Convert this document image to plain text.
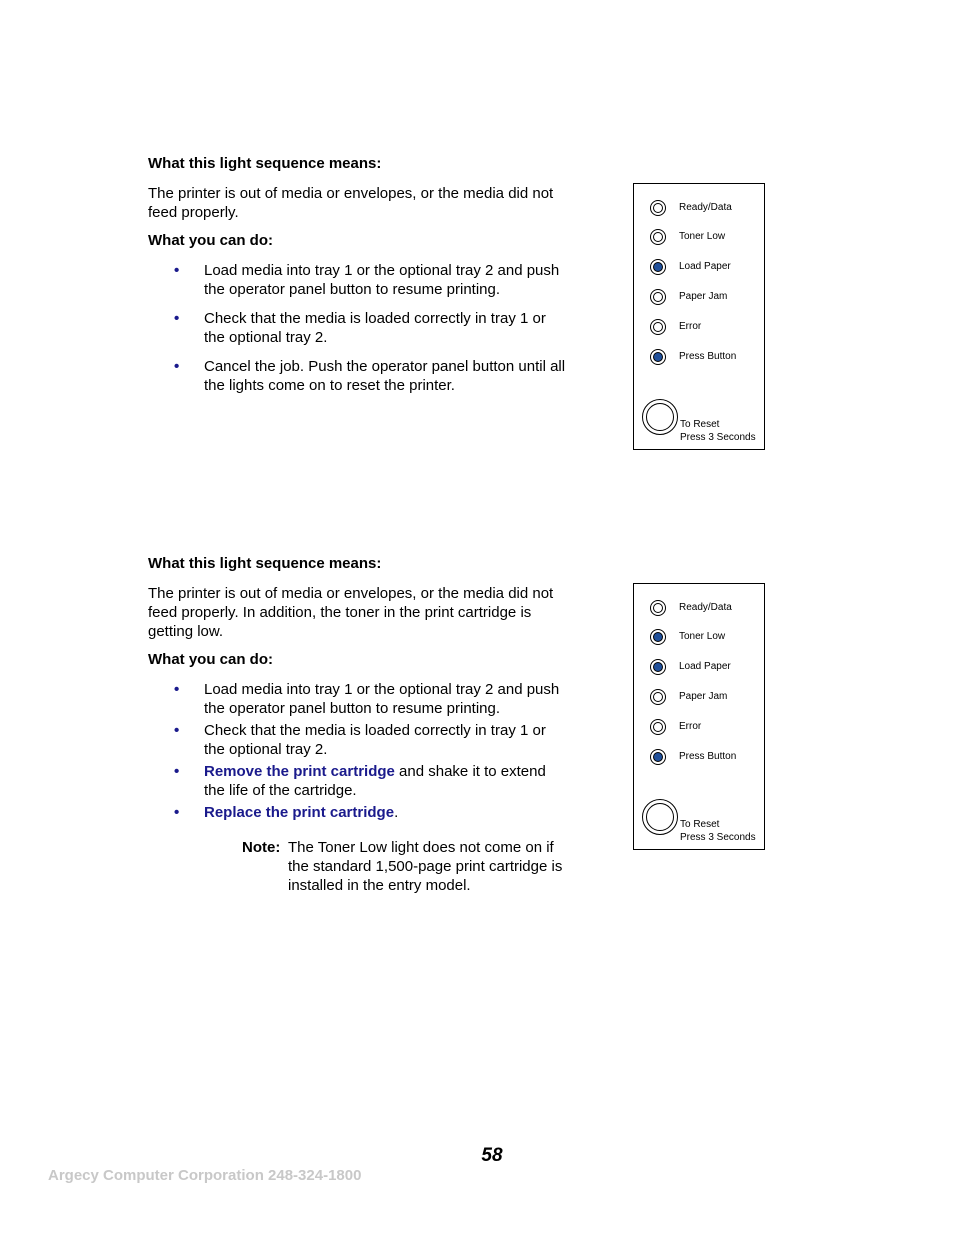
What this light sequence means:

The printer is out of media or envelopes, or the media did not feed properly.

What you can do:

• Load media into tray 1 or the optional tray 2 and push the operator panel button to resume printing.
• Check that the media is loaded correctly in tray 1 or the optional tray 2.
• Cancel the job. Push the operator panel button until all the lights come on to reset the printer.
Ready/Data
Toner Low
Load Paper
Paper Jam
Error
Press Button
To Reset
Press 3 Seconds

What this light sequence means:

The printer is out of media or envelopes, or the media did not feed properly. In addition, the toner in the print cartridge is getting low.

What you can do:

• Load media into tray 1 or the optional tray 2 and push the operator panel button to resume printing.
• Check that the media is loaded correctly in tray 1 or the optional tray 2.
• Remove the print cartridge and shake it to extend the life of the cartridge.
• Replace the print cartridge.
Note: The Toner Low light does not come on if the standard 1,500-page print cartridge is installed in the entry model.
Ready/Data
Toner Low
Load Paper
Paper Jam
Error
Press Button
To Reset
Press 3 Seconds
58
Argecy Computer Corporation 248-324-1800
